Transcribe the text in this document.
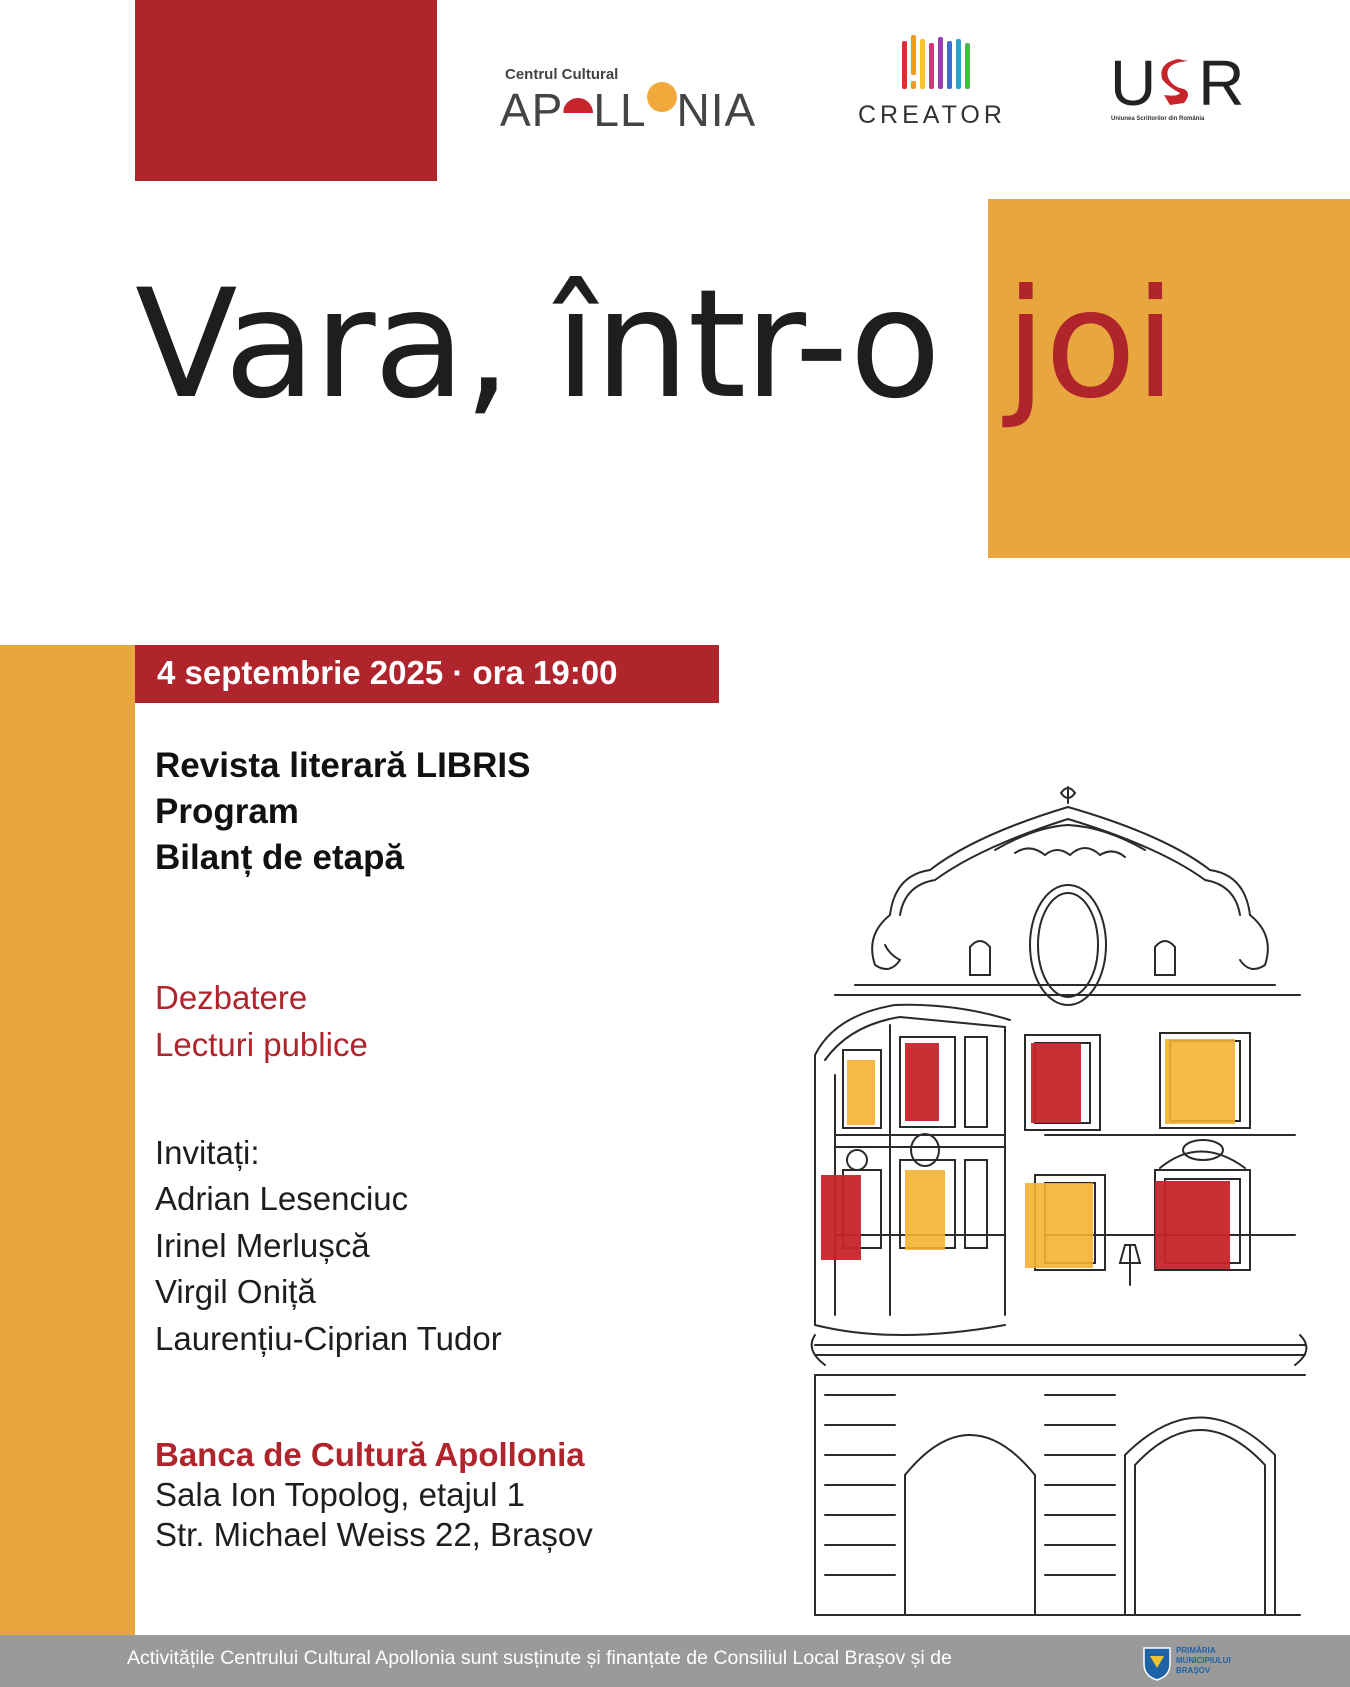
Centrul Cultural
AP LL NIA	CREATOR U R
Uniunea Scriitorilor din România
Vara, într-o joi
4 septembrie 2025 · ora 19:00
Revista literară LIBRIS
Program
Bilanț de etapă
Dezbatere
Lecturi publice
Invitați:
Adrian Lesenciuc
Irinel Merlușcă
Virgil Oniță
Laurențiu-Ciprian Tudor
Banca de Cultură Apollonia
Sala Ion Topolog, etajul 1
Str. Michael Weiss 22, Brașov
Activitățile Centrului Cultural Apollonia sunt susținute și finanțate de Consiliul Local Brașov și de	PRIMĂRIA
MUNICIPIULUI
BRAȘOV
